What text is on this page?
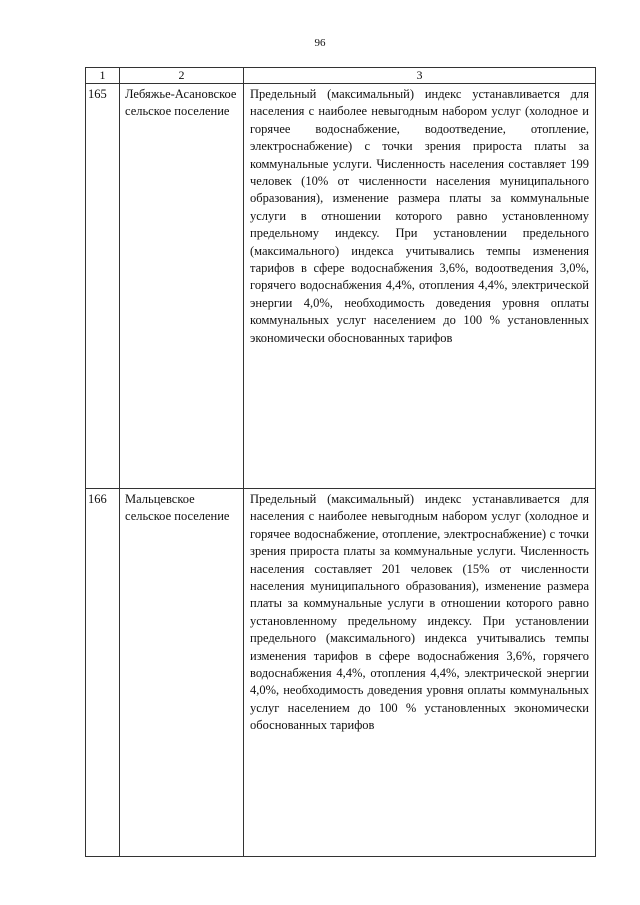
96
1	2	3
165	Лебяжье-Асановское сельское поселение	Предельный (максимальный) индекс устанавливается для населения с наиболее невыгодным набором услуг (холодное и горячее водоснабжение, водоотведение, отопление, электроснабжение) с точки зрения прироста платы за коммунальные услуги. Численность населения составляет 199 человек (10% от численности населения муниципального образования), изменение размера платы за коммунальные услуги в отношении которого равно установленному предельному индексу. При установлении предельного (максимального) индекса учитывались темпы изменения тарифов в сфере водоснабжения 3,6%, водоотведения 3,0%, горячего водоснабжения 4,4%, отопления 4,4%, электрической энергии 4,0%, необходимость доведения уровня оплаты коммунальных услуг населением до 100 % установленных экономически обоснованных тарифов
166	Мальцевское сельское поселение	Предельный (максимальный) индекс устанавливается для населения с наиболее невыгодным набором услуг (холодное и горячее водоснабжение, отопление, электроснабжение) с точки зрения прироста платы за коммунальные услуги. Численность населения составляет 201 человек (15% от численности населения муниципального образования), изменение размера платы за коммунальные услуги в отношении которого равно установленному предельному индексу. При установлении предельного (максимального) индекса учитывались темпы изменения тарифов в сфере водоснабжения 3,6%, горячего водоснабжения 4,4%, отопления 4,4%, электрической энергии 4,0%, необходимость доведения уровня оплаты коммунальных услуг населением до 100 % установленных экономически обоснованных тарифов
